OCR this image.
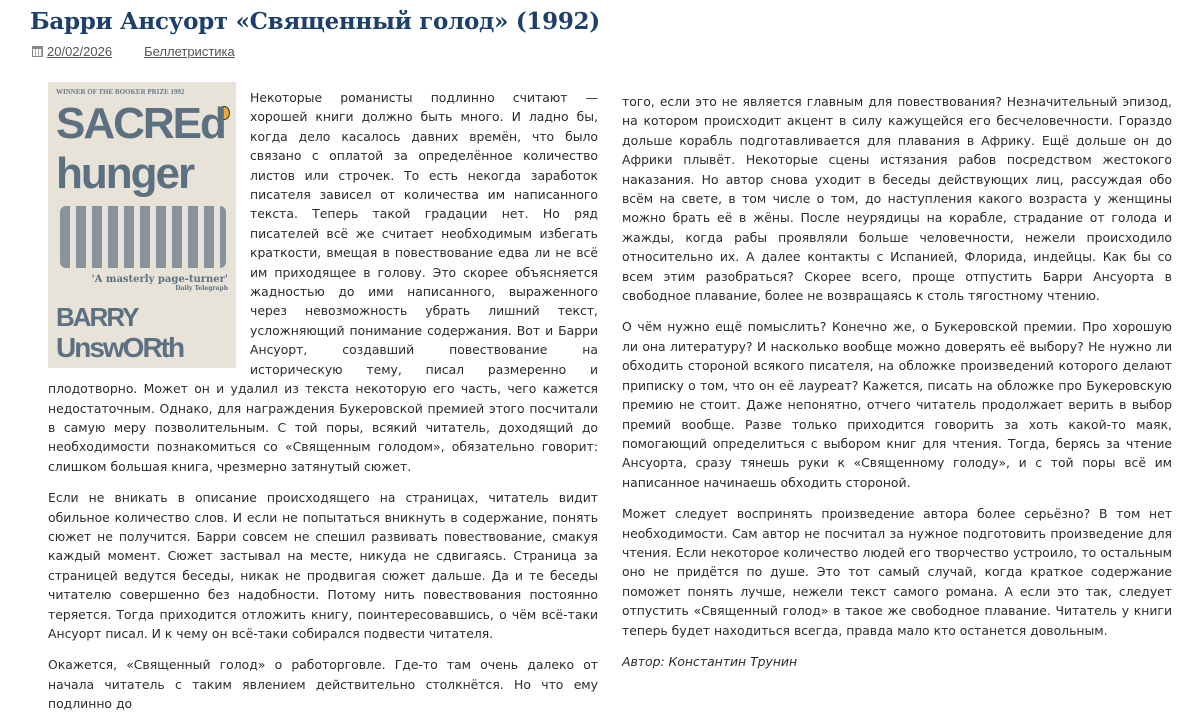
Барри Ансуорт «Священный голод» (1992)
20/02/2026 Беллетристика
WINNER OF THE BOOKER PRIZE 1992
SACREd
hunger
'A masterly page-turner'
Daily Telegraph
BARRY
UnswORth

Некоторые романисты подлинно считают — хорошей книги должно быть много. И ладно бы, когда дело касалось давних времён, что было связано с оплатой за определённое количество листов или строчек. То есть некогда заработок писателя зависел от количества им написанного текста. Теперь такой градации нет. Но ряд писателей всё же считает необходимым избегать краткости, вмещая в повествование едва ли не всё им приходящее в голову. Это скорее объясняется жадностью до ими написанного, выраженного через невозможность убрать лишний текст, усложняющий понимание содержания. Вот и Барри Ансуорт, создавший повествование на историческую тему, писал размеренно и плодотворно. Может он и удалил из текста некоторую его часть, чего кажется недостаточным. Однако, для награждения Букеровской премией этого посчитали в самую меру позволительным. С той поры, всякий читатель, доходящий до необходимости познакомиться со «Священным голодом», обязательно говорит: слишком большая книга, чрезмерно затянутый сюжет.

Если не вникать в описание происходящего на страницах, читатель видит обильное количество слов. И если не попытаться вникнуть в содержание, понять сюжет не получится. Барри совсем не спешил развивать повествование, смакуя каждый момент. Сюжет застывал на месте, никуда не сдвигаясь. Страница за страницей ведутся беседы, никак не продвигая сюжет дальше. Да и те беседы читателю совершенно без надобности. Потому нить повествования постоянно теряется. Тогда приходится отложить книгу, поинтересовавшись, о чём всё-таки Ансуорт писал. И к чему он всё-таки собирался подвести читателя.

Окажется, «Священный голод» о работорговле. Где-то там очень далеко от начала читатель с таким явлением действительно столкнётся. Но что ему подлинно до

того, если это не является главным для повествования? Незначительный эпизод, на котором происходит акцент в силу кажущейся его бесчеловечности. Гораздо дольше корабль подготавливается для плавания в Африку. Ещё дольше он до Африки плывёт. Некоторые сцены истязания рабов посредством жестокого наказания. Но автор снова уходит в беседы действующих лиц, рассуждая обо всём на свете, в том числе о том, до наступления какого возраста у женщины можно брать её в жёны. После неурядицы на корабле, страдание от голода и жажды, когда рабы проявляли больше человечности, нежели происходило относительно их. А далее контакты с Испанией, Флорида, индейцы. Как бы со всем этим разобраться? Скорее всего, проще отпустить Барри Ансуорта в свободное плавание, более не возвращаясь к столь тягостному чтению.

О чём нужно ещё помыслить? Конечно же, о Букеровской премии. Про хорошую ли она литературу? И насколько вообще можно доверять её выбору? Не нужно ли обходить стороной всякого писателя, на обложке произведений которого делают приписку о том, что он её лауреат? Кажется, писать на обложке про Букеровскую премию не стоит. Даже непонятно, отчего читатель продолжает верить в выбор премий вообще. Разве только приходится говорить за хоть какой-то маяк, помогающий определиться с выбором книг для чтения. Тогда, берясь за чтение Ансуорта, сразу тянешь руки к «Священному голоду», и с той поры всё им написанное начинаешь обходить стороной.

Может следует воспринять произведение автора более серьёзно? В том нет необходимости. Сам автор не посчитал за нужное подготовить произведение для чтения. Если некоторое количество людей его творчество устроило, то остальным оно не придётся по душе. Это тот самый случай, когда краткое содержание поможет понять лучше, нежели текст самого романа. А если это так, следует отпустить «Священный голод» в такое же свободное плавание. Читатель у книги теперь будет находиться всегда, правда мало кто останется довольным.

Автор: Константин Трунин
